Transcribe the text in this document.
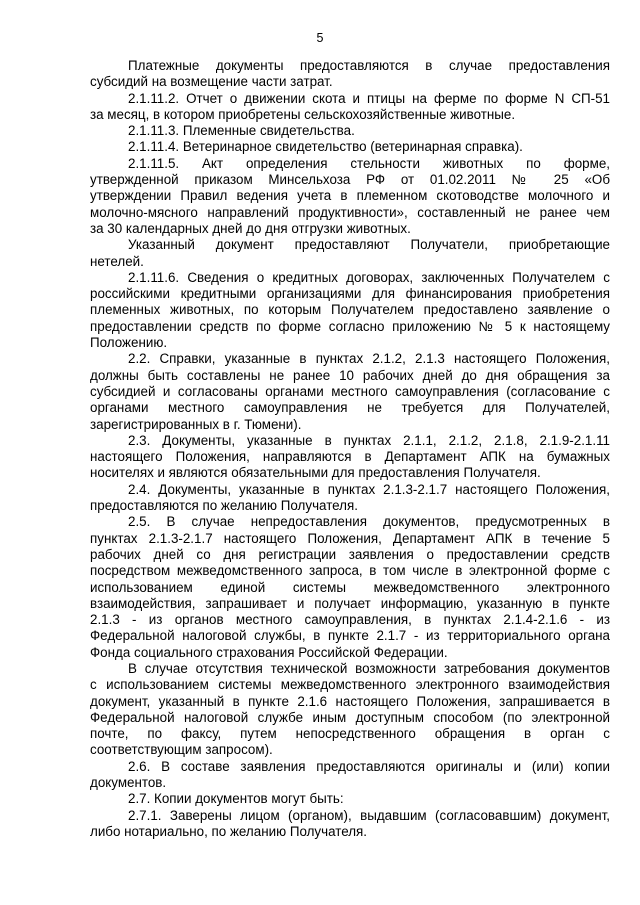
5
Платежные документы предоставляются в случае предоставления
субсидий на возмещение части затрат.
2.1.11.2. Отчет о движении скота и птицы на ферме по форме N СП-51
за месяц, в котором приобретены сельскохозяйственные животные.
2.1.11.3. Племенные свидетельства.
2.1.11.4. Ветеринарное свидетельство (ветеринарная справка).
2.1.11.5. Акт определения стельности животных по форме,
утвержденной приказом Минсельхоза РФ от 01.02.2011 № 25 «Об
утверждении Правил ведения учета в племенном скотоводстве молочного и
молочно-мясного направлений продуктивности», составленный не ранее чем
за 30 календарных дней до дня отгрузки животных.
Указанный документ предоставляют Получатели, приобретающие
нетелей.
2.1.11.6. Сведения о кредитных договорах, заключенных Получателем с
российскими кредитными организациями для финансирования приобретения
племенных животных, по которым Получателем предоставлено заявление о
предоставлении средств по форме согласно приложению № 5 к настоящему
Положению.
2.2. Справки, указанные в пунктах 2.1.2, 2.1.3 настоящего Положения,
должны быть составлены не ранее 10 рабочих дней до дня обращения за
субсидией и согласованы органами местного самоуправления (согласование с
органами местного самоуправления не требуется для Получателей,
зарегистрированных в г. Тюмени).
2.3. Документы, указанные в пунктах 2.1.1, 2.1.2, 2.1.8, 2.1.9-2.1.11
настоящего Положения, направляются в Департамент АПК на бумажных
носителях и являются обязательными для предоставления Получателя.
2.4. Документы, указанные в пунктах 2.1.3-2.1.7 настоящего Положения,
предоставляются по желанию Получателя.
2.5. В случае непредоставления документов, предусмотренных в
пунктах 2.1.3-2.1.7 настоящего Положения, Департамент АПК в течение 5
рабочих дней со дня регистрации заявления о предоставлении средств
посредством межведомственного запроса, в том числе в электронной форме с
использованием единой системы межведомственного электронного
взаимодействия, запрашивает и получает информацию, указанную в пункте
2.1.3 - из органов местного самоуправления, в пунктах 2.1.4-2.1.6 - из
Федеральной налоговой службы, в пункте 2.1.7 - из территориального органа
Фонда социального страхования Российской Федерации.
В случае отсутствия технической возможности затребования документов
с использованием системы межведомственного электронного взаимодействия
документ, указанный в пункте 2.1.6 настоящего Положения, запрашивается в
Федеральной налоговой службе иным доступным способом (по электронной
почте, по факсу, путем непосредственного обращения в орган с
соответствующим запросом).
2.6. В составе заявления предоставляются оригиналы и (или) копии
документов.
2.7. Копии документов могут быть:
2.7.1. Заверены лицом (органом), выдавшим (согласовавшим) документ,
либо нотариально, по желанию Получателя.
